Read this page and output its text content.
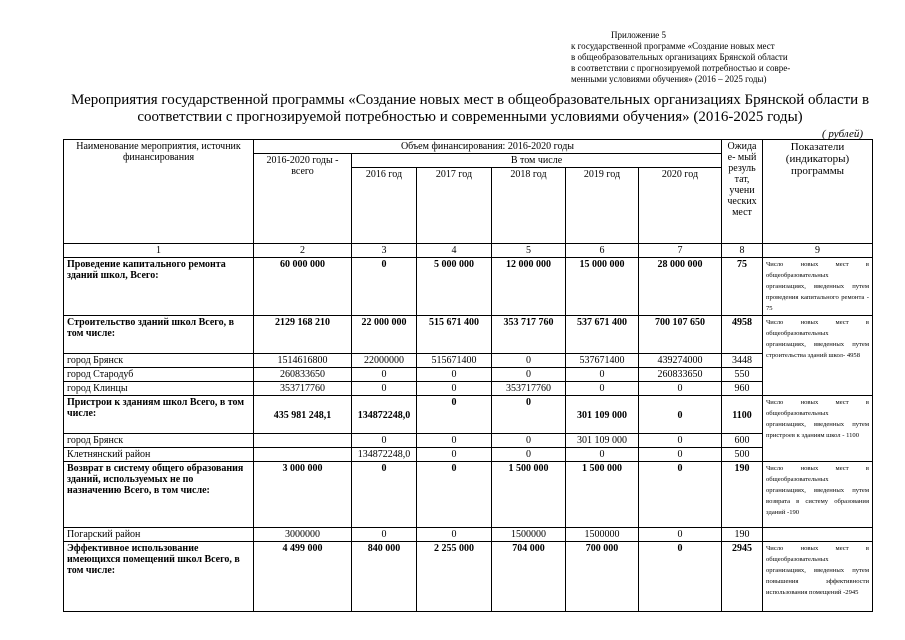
Приложение 5
к государственной программе «Создание новых мест
в общеобразовательных организациях Брянской области
в соответствии с прогнозируемой потребностью и совре-
менными условиями обучения» (2016 – 2025 годы)
Мероприятия государственной программы «Создание новых мест в общеобразовательных организациях Брянской области в соответствии с прогнозируемой потребностью и современными условиями обучения» (2016-2025 годы)
( рублей)
Наименование мероприятия, источник финансирования	Объем финансирования: 2016-2020 годы						Ожида е- мый резуль тат, учени ческих мест	Показатели (индикаторы) программы
	2016-2020 годы - всего	В том числе						
		2016 год	2017 год	2018 год	2019 год	2020 год		
1	2	3	4	5	6	7	8	9
Проведение капитального ремонта зданий школ, Всего:	60 000 000	0	5 000 000	12 000 000	15 000 000	28 000 000	75	Число новых мест в общеобразовательных организациях, введенных путем проведения капитального ремонта - 75
Строительство зданий школ Всего, в том числе:	2129 168 210	22 000 000	515 671 400	353 717 760	537 671 400	700 107 650	4958	Число новых мест в общеобразовательных организациях, введенных путем строительства зданий школ- 4958
город Брянск	1514616800	22000000	515671400	0	537671400	439274000	3448	
город Стародуб	260833650	0	0	0	0	260833650	550	
город Клинцы	353717760	0	0	353717760	0	0	960	
Пристрои к зданиям школ Всего, в том числе:	435 981 248,1	134872248,0	0	0	301 109 000	0	1100	Число новых мест в общеобразовательных организациях, введенных путем пристроев к зданиям школ - 1100
город Брянск		0	0	0	301 109 000	0	600	
Клетнянский район		134872248,0	0	0	0	0	500	
Возврат в систему общего образования зданий, используемых не по назначению Всего, в том числе:	3 000 000	0	0	1 500 000	1 500 000	0	190	Число новых мест в общеобразовательных организациях, введенных путем возврата в систему образования зданий -190
Погарский район	3000000	0	0	1500000	1500000	0	190	
Эффективное использование имеющихся помещений школ Всего, в том числе:	4 499 000	840 000	2 255 000	704 000	700 000	0	2945	Число новых мест в общеобразовательных организациях, введенных путем повышения эффективности использования помещений -2945
